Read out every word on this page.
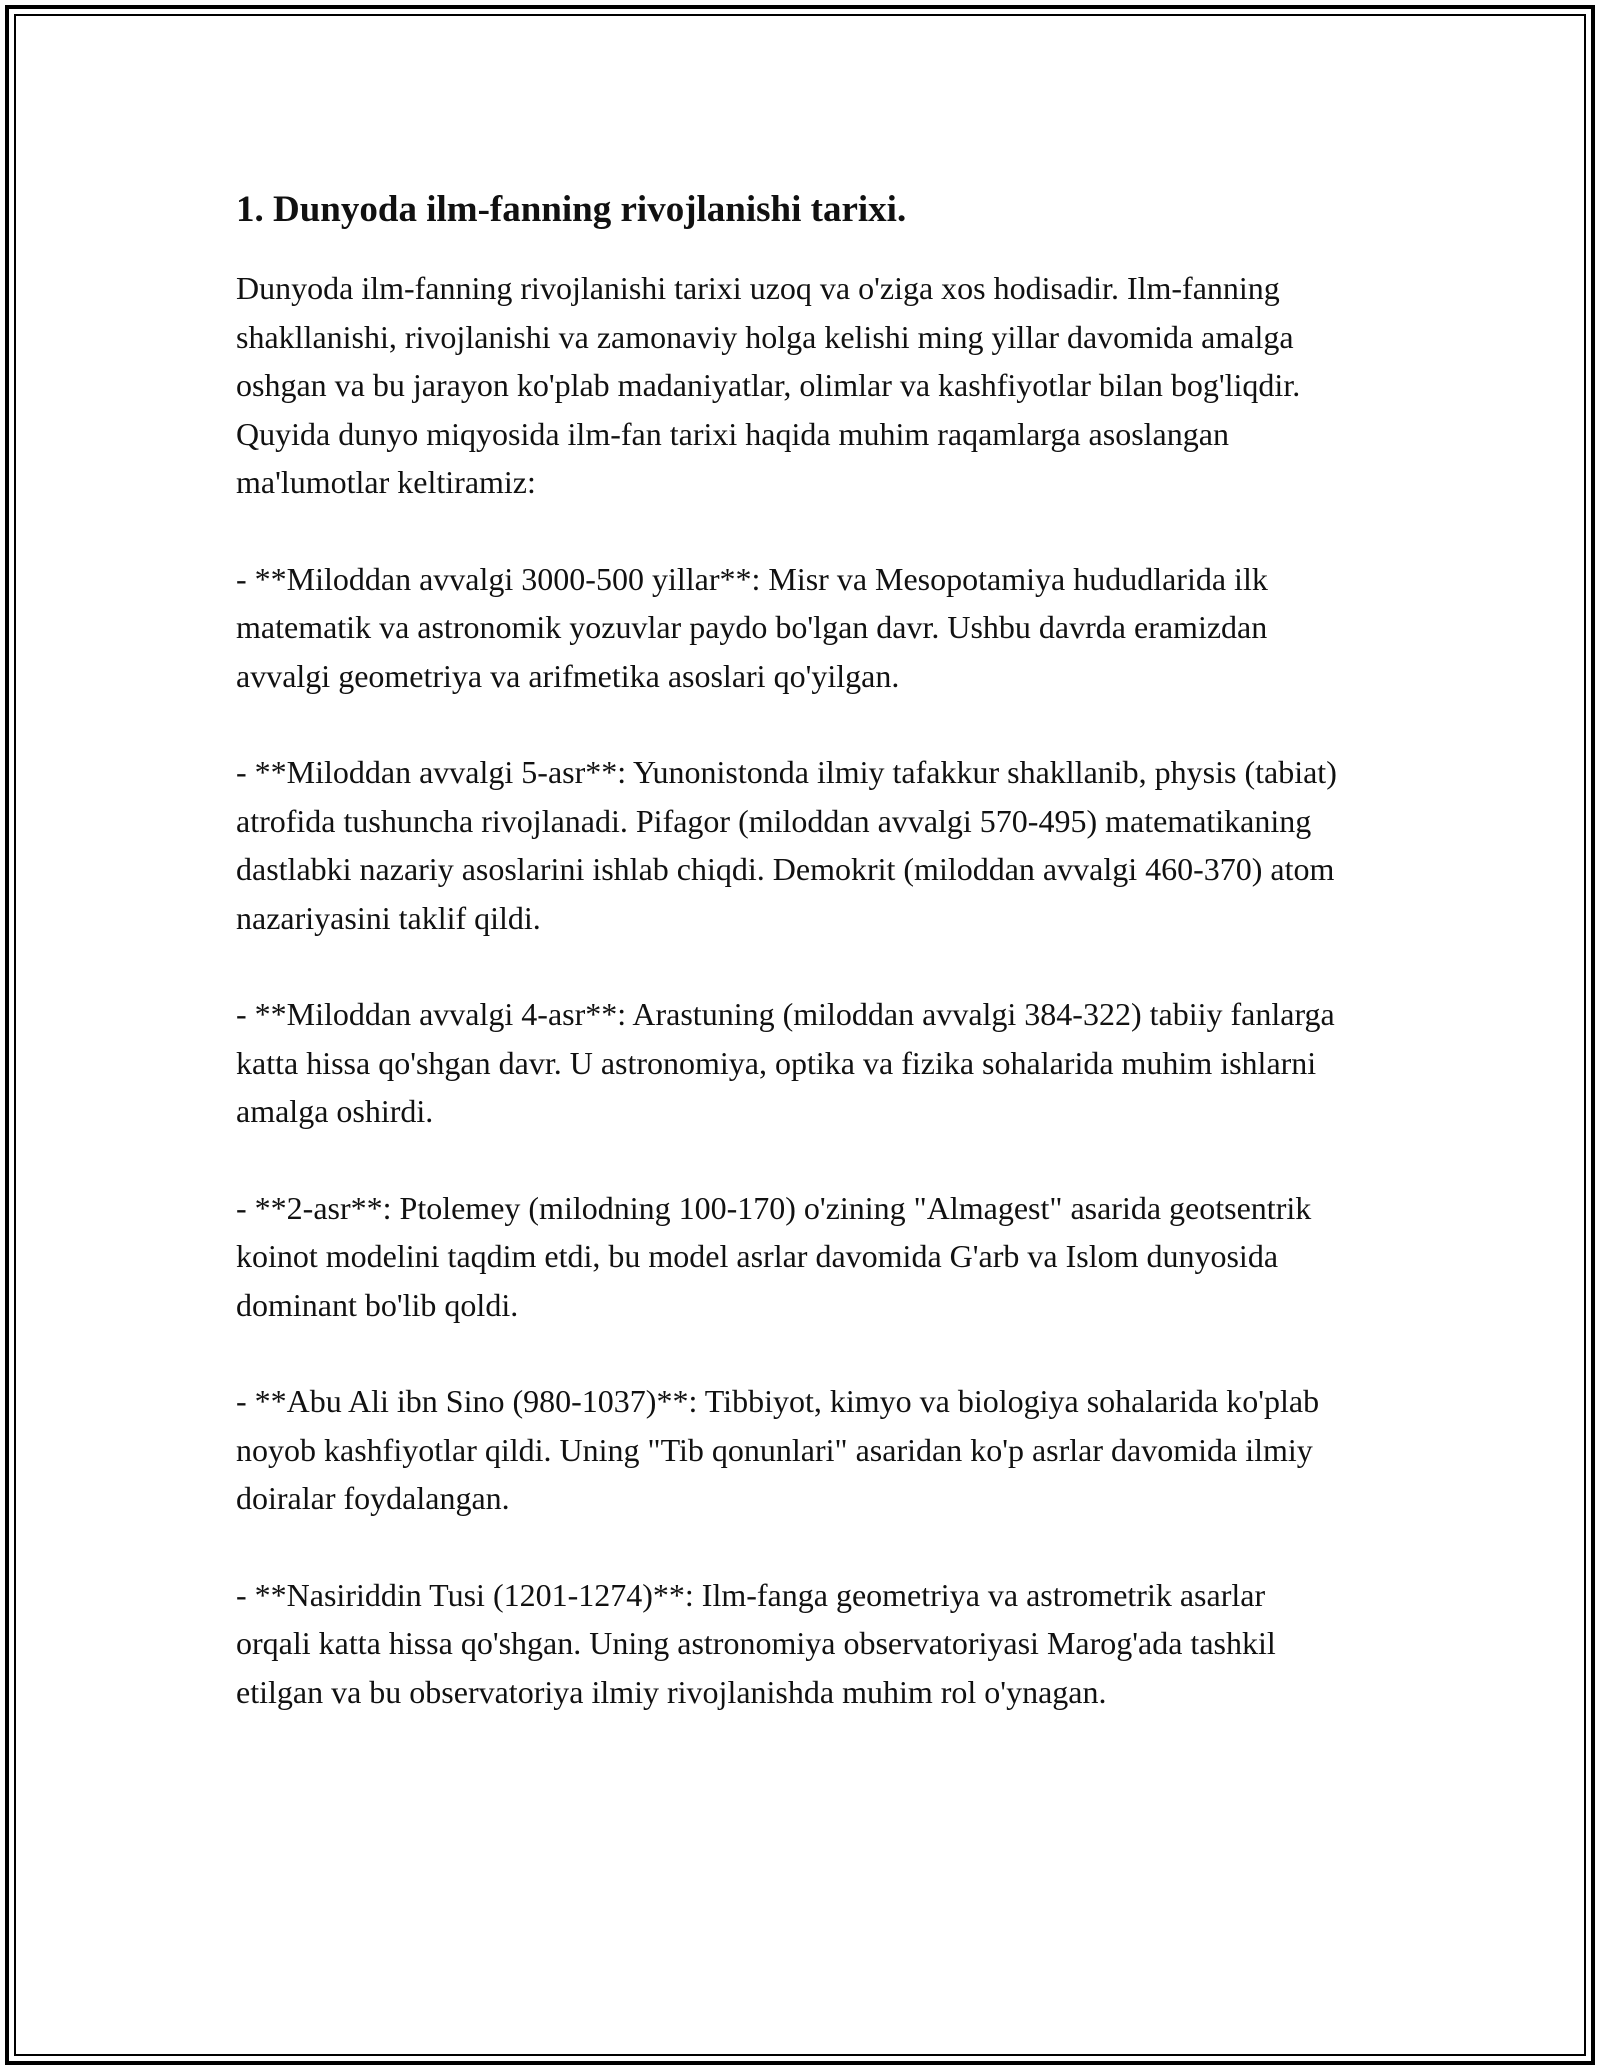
1. Dunyoda ilm-fanning rivojlanishi tarixi.

Dunyoda ilm-fanning rivojlanishi tarixi uzoq va o'ziga xos hodisadir. Ilm-fanning shakllanishi, rivojlanishi va zamonaviy holga kelishi ming yillar davomida amalga oshgan va bu jarayon ko'plab madaniyatlar, olimlar va kashfiyotlar bilan bog'liqdir. Quyida dunyo miqyosida ilm-fan tarixi haqida muhim raqamlarga asoslangan ma'lumotlar keltiramiz:

- **Miloddan avvalgi 3000-500 yillar**: Misr va Mesopotamiya hududlarida ilk matematik va astronomik yozuvlar paydo bo'lgan davr. Ushbu davrda eramizdan avvalgi geometriya va arifmetika asoslari qo'yilgan.

- **Miloddan avvalgi 5-asr**: Yunonistonda ilmiy tafakkur shakllanib, physis (tabiat) atrofida tushuncha rivojlanadi. Pifagor (miloddan avvalgi 570-495) matematikaning dastlabki nazariy asoslarini ishlab chiqdi. Demokrit (miloddan avvalgi 460-370) atom nazariyasini taklif qildi.

- **Miloddan avvalgi 4-asr**: Arastuning (miloddan avvalgi 384-322) tabiiy fanlarga katta hissa qo'shgan davr. U astronomiya, optika va fizika sohalarida muhim ishlarni amalga oshirdi.

- **2-asr**: Ptolemey (milodning 100-170) o'zining "Almagest" asarida geotsentrik koinot modelini taqdim etdi, bu model asrlar davomida G'arb va Islom dunyosida dominant bo'lib qoldi.

- **Abu Ali ibn Sino (980-1037)**: Tibbiyot, kimyo va biologiya sohalarida ko'plab noyob kashfiyotlar qildi. Uning "Tib qonunlari" asaridan ko'p asrlar davomida ilmiy doiralar foydalangan.

- **Nasiriddin Tusi (1201-1274)**: Ilm-fanga geometriya va astrometrik asarlar orqali katta hissa qo'shgan. Uning astronomiya observatoriyasi Marog'ada tashkil etilgan va bu observatoriya ilmiy rivojlanishda muhim rol o'ynagan.
